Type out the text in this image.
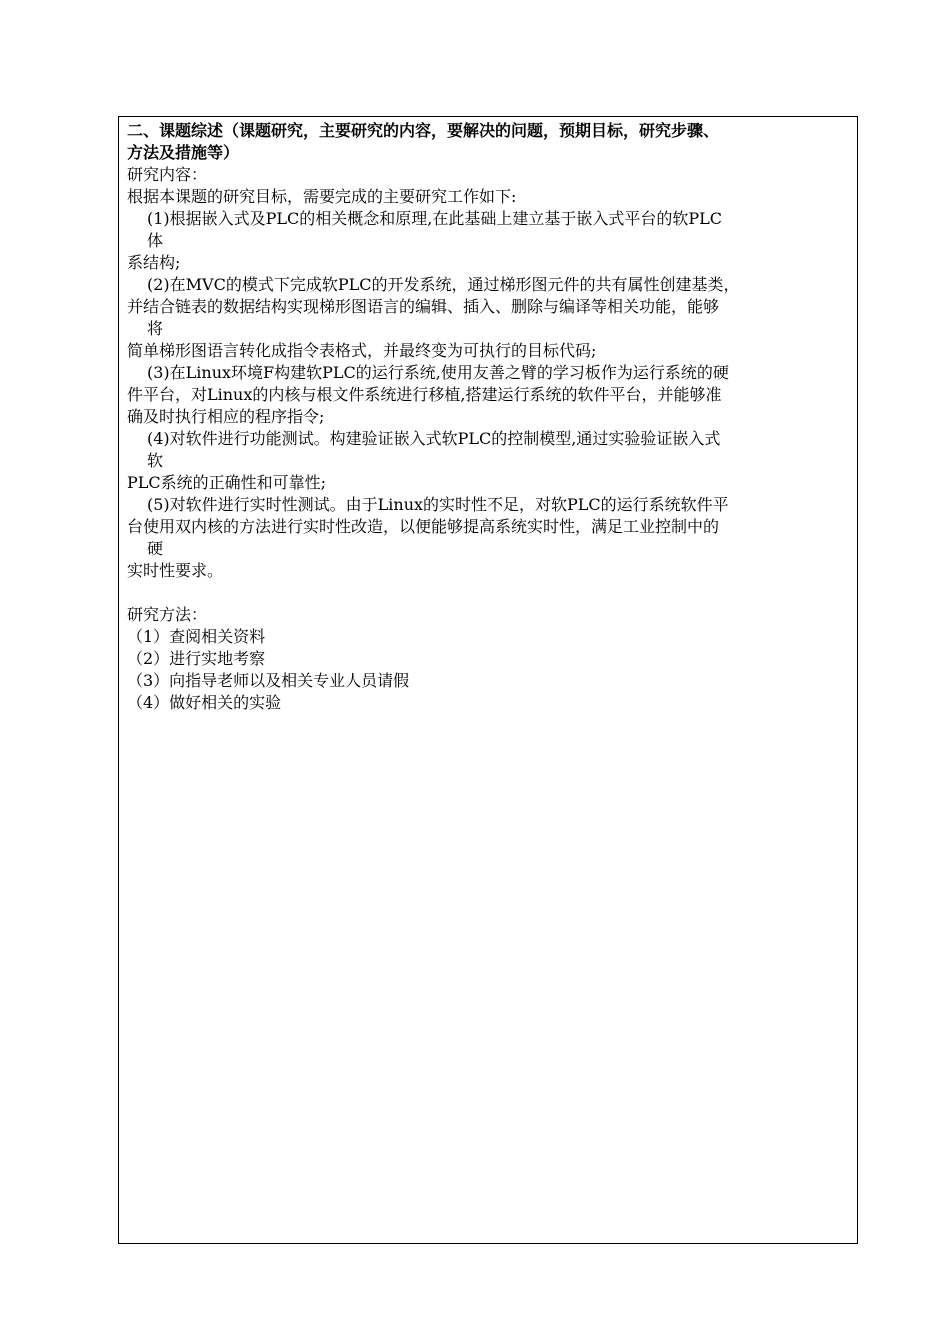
二、课题综述（课题研究，主要研究的内容，要解决的问题，预期目标，研究步骤、
方法及措施等）
研究内容：
根据本课题的研究目标，需要完成的主要研究工作如下:
(1)根据嵌入式及PLC的相关概念和原理,在此基础上建立基于嵌入式平台的软PLC
体
系结构;
(2)在MVC的模式下完成软PLC的开发系统，通过梯形图元件的共有属性创建基类，
并结合链表的数据结构实现梯形图语言的编辑、插入、删除与编译等相关功能，能够
将
简单梯形图语言转化成指令表格式，并最终变为可执行的目标代码;
(3)在Linux环境F构建软PLC的运行系统,使用友善之臂的学习板作为运行系统的硬
件平台，对Linux的内核与根文件系统进行移植,搭建运行系统的软件平台，并能够准
确及时执行相应的程序指令;
(4)对软件进行功能测试。构建验证嵌入式软PLC的控制模型,通过实验验证嵌入式
软
PLC系统的正确性和可靠性;
(5)对软件进行实时性测试。由于Linux的实时性不足，对软PLC的运行系统软件平
台使用双内核的方法进行实时性改造，以便能够提高系统实时性，满足工业控制中的
硬
实时性要求。
研究方法：
（1）查阅相关资料
（2）进行实地考察
（3）向指导老师以及相关专业人员请假
（4）做好相关的实验
